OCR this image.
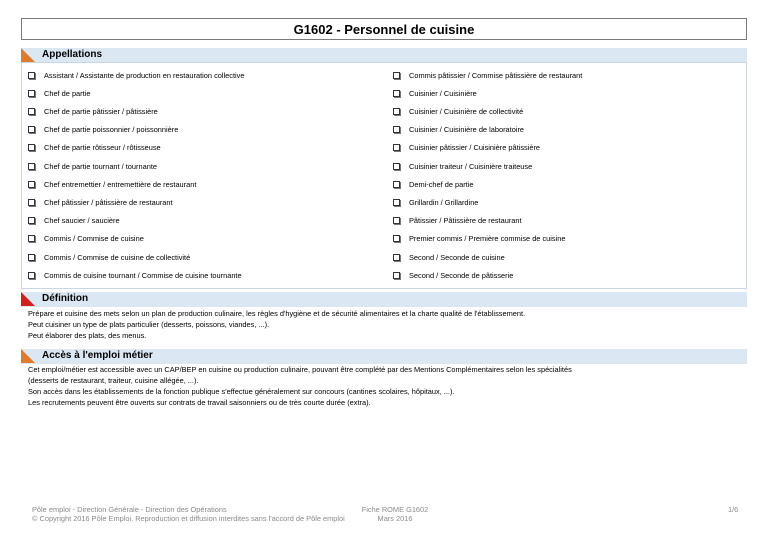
G1602 - Personnel de cuisine
Appellations
Assistant / Assistante de production en restauration collective
Chef de partie
Chef de partie pâtissier / pâtissière
Chef de partie poissonnier / poissonnière
Chef de partie rôtisseur / rôtisseuse
Chef de partie tournant / tournante
Chef entremettier / entremettière de restaurant
Chef pâtissier / pâtissière de restaurant
Chef saucier / saucière
Commis / Commise de cuisine
Commis / Commise de cuisine de collectivité
Commis de cuisine tournant / Commise de cuisine tournante
Commis pâtissier / Commise pâtissière de restaurant
Cuisinier / Cuisinière
Cuisinier / Cuisinière de collectivité
Cuisinier / Cuisinière de laboratoire
Cuisinier pâtissier / Cuisinière pâtissière
Cuisinier traiteur / Cuisinière traiteuse
Demi-chef de partie
Grillardin / Grillardine
Pâtissier / Pâtissière de restaurant
Premier commis / Première commise de cuisine
Second / Seconde de cuisine
Second / Seconde de pâtisserie
Définition

Prépare et cuisine des mets selon un plan de production culinaire, les règles d'hygiène et de sécurité alimentaires et la charte qualité de l'établissement.

Peut cuisiner un type de plats particulier (desserts, poissons, viandes, ...).

Peut élaborer des plats, des menus.

Accès à l'emploi métier

Cet emploi/métier est accessible avec un CAP/BEP en cuisine ou production culinaire, pouvant être complété par des Mentions Complémentaires selon les spécialités

(desserts de restaurant, traiteur, cuisine allégée, ...).

Son accès dans les établissements de la fonction publique s'effectue généralement sur concours (cantines scolaires, hôpitaux, ...).

Les recrutements peuvent être ouverts sur contrats de travail saisonniers ou de très courte durée (extra).

Pôle emploi - Direction Générale - Direction des Opérations
© Copyright 2016 Pôle Emploi. Reproduction et diffusion interdites sans l'accord de Pôle emploi
Fiche ROME G1602
Mars 2016
1/6
